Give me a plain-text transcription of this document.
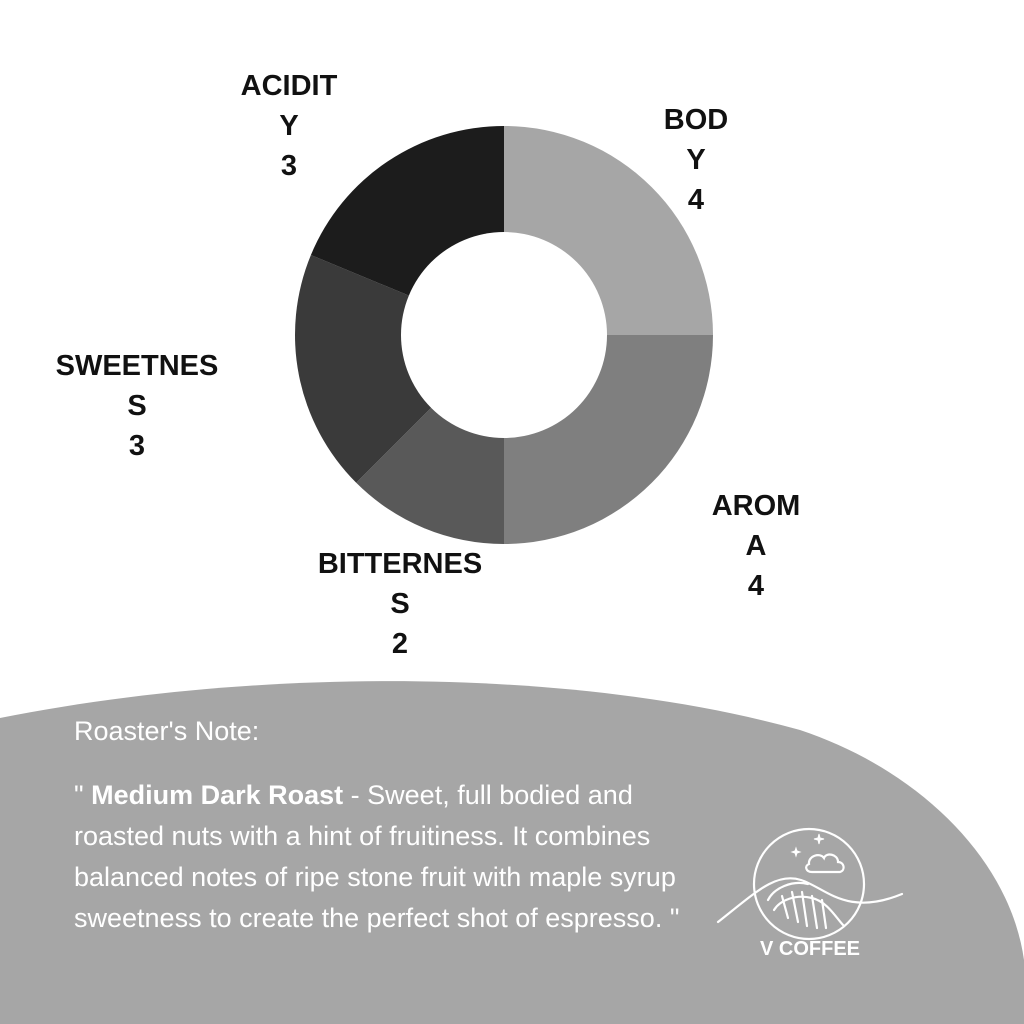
BOD
Y
4
AROM
A
4
BITTERNES
S
2
SWEETNES
S
3
ACIDIT
Y
3
Roaster's Note:
" Medium Dark Roast - Sweet, full bodied and roasted nuts with a hint of fruitiness. It combines balanced notes of ripe stone fruit with maple syrup sweetness to create the perfect shot of espresso. "
V COFFEE
